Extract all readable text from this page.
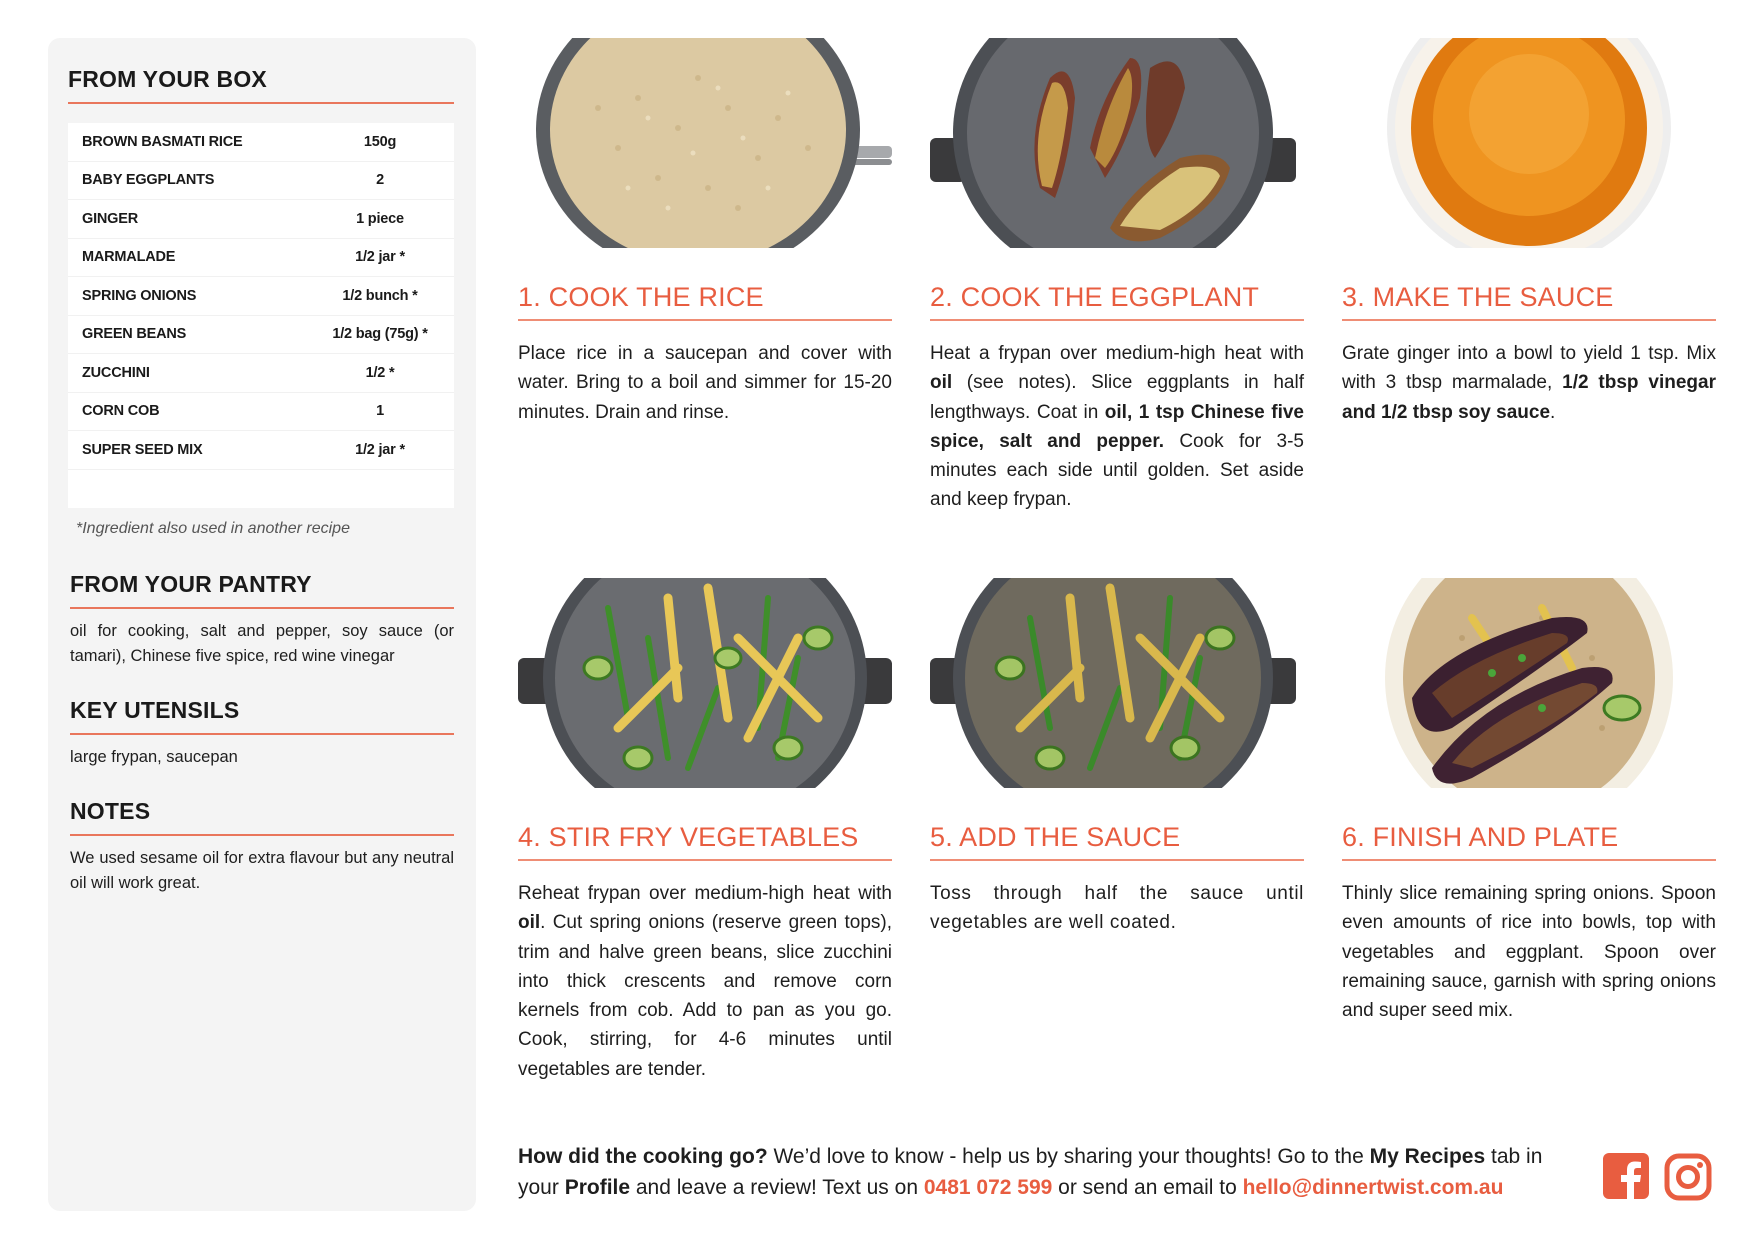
FROM YOUR BOX
BROWN BASMATI RICE	150g
BABY EGGPLANTS	2
GINGER	1 piece
MARMALADE	1/2 jar *
SPRING ONIONS	1/2 bunch *
GREEN BEANS	1/2 bag (75g) *
ZUCCHINI	1/2 *
CORN COB	1
SUPER SEED MIX	1/2 jar *
*Ingredient also used in another recipe
FROM YOUR PANTRY
oil for cooking, salt and pepper, soy sauce (or tamari), Chinese five spice, red wine vinegar
KEY UTENSILS
large frypan, saucepan
NOTES
We used sesame oil for extra flavour but any neutral oil will work great.
1. COOK THE RICE
Place rice in a saucepan and cover with water. Bring to a boil and simmer for 15-20 minutes. Drain and rinse.
2. COOK THE EGGPLANT
Heat a frypan over medium-high heat with oil (see notes). Slice eggplants in half lengthways. Coat in oil, 1 tsp Chinese five spice, salt and pepper. Cook for 3-5 minutes each side until golden. Set aside and keep frypan.
3. MAKE THE SAUCE
Grate ginger into a bowl to yield 1 tsp. Mix with 3 tbsp marmalade, 1/2 tbsp vinegar and 1/2 tbsp soy sauce.
4. STIR FRY VEGETABLES
Reheat frypan over medium-high heat with oil. Cut spring onions (reserve green tops), trim and halve green beans, slice zucchini into thick crescents and remove corn kernels from cob. Add to pan as you go. Cook, stirring, for 4-6 minutes until vegetables are tender.
5. ADD THE SAUCE
Toss through half the sauce until vegetables are well coated.
6. FINISH AND PLATE
Thinly slice remaining spring onions. Spoon even amounts of rice into bowls, top with vegetables and eggplant. Spoon over remaining sauce, garnish with spring onions and super seed mix.
How did the cooking go? We’d love to know - help us by sharing your thoughts! Go to the My Recipes tab in your Profile and leave a review! Text us on 0481 072 599 or send an email to hello@dinnertwist.com.au
